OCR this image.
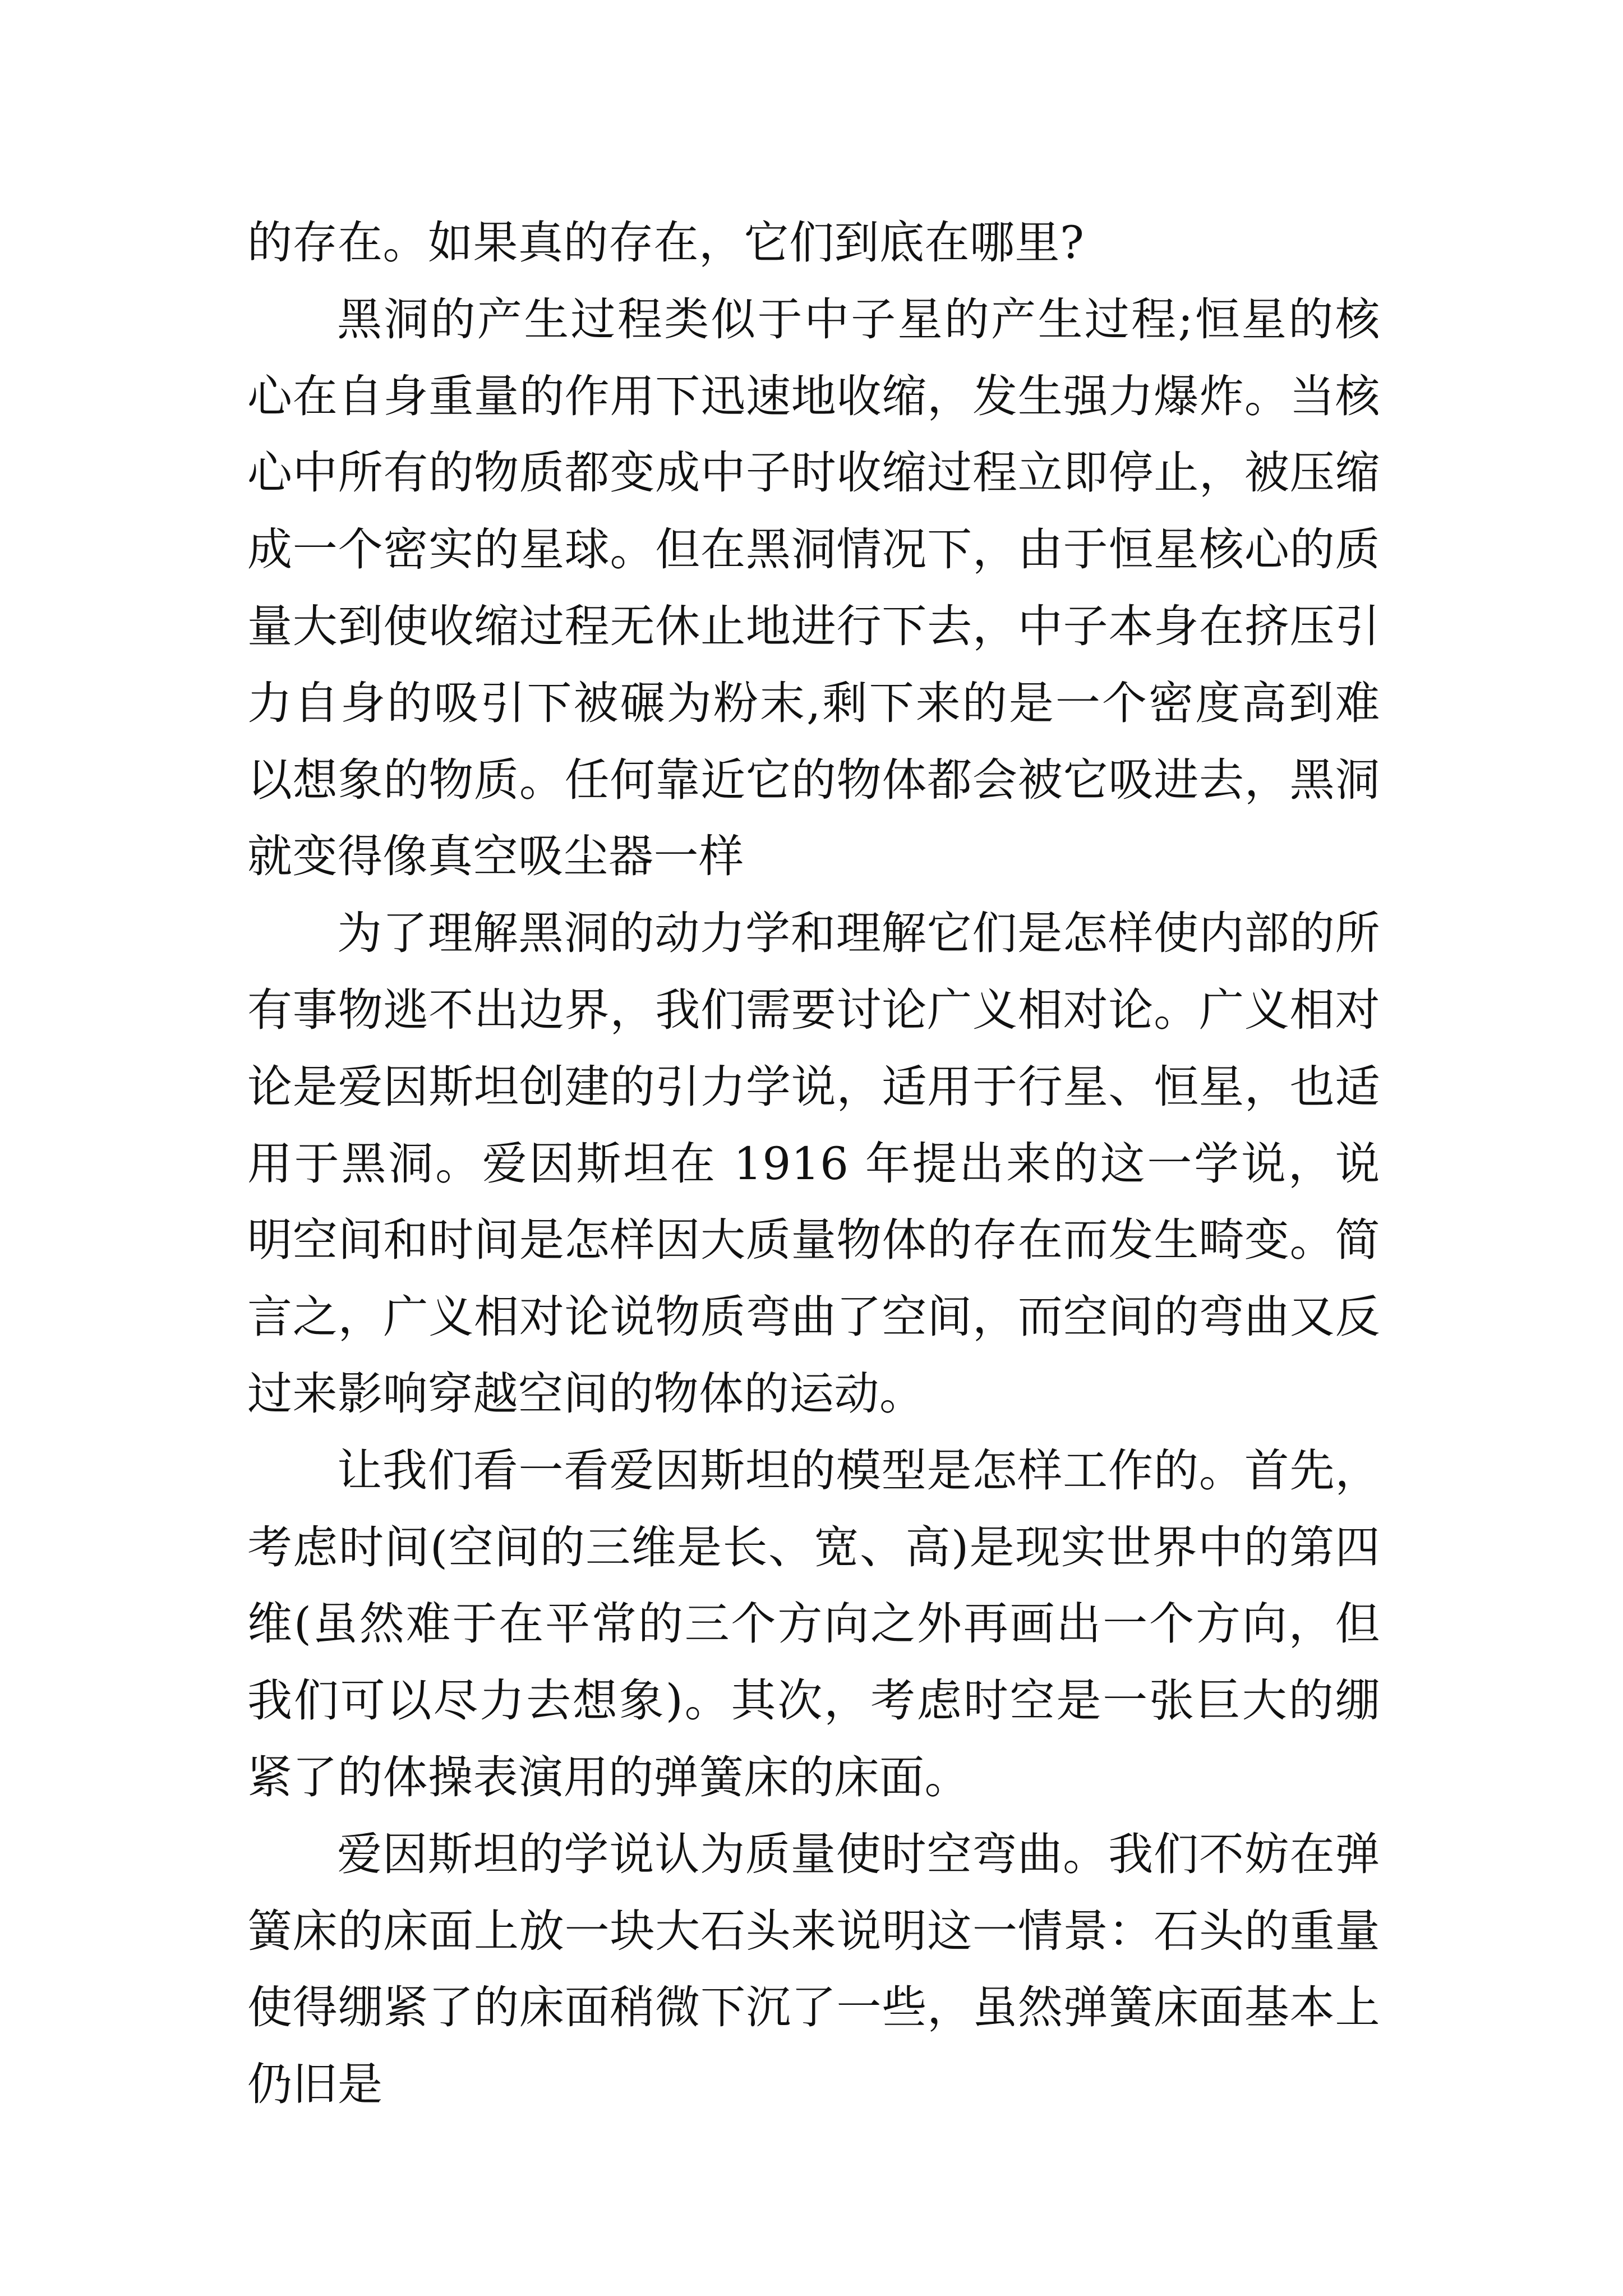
的存在。如果真的存在，它们到底在哪里?

黑洞的产生过程类似于中子星的产生过程;恒星的核心在自身重量的作用下迅速地收缩，发生强力爆炸。当核心中所有的物质都变成中子时收缩过程立即停止，被压缩成一个密实的星球。但在黑洞情况下，由于恒星核心的质量大到使收缩过程无休止地进行下去，中子本身在挤压引力自身的吸引下被碾为粉末,剩下来的是一个密度高到难以想象的物质。任何靠近它的物体都会被它吸进去，黑洞就变得像真空吸尘器一样

为了理解黑洞的动力学和理解它们是怎样使内部的所有事物逃不出边界，我们需要讨论广义相对论。广义相对论是爱因斯坦创建的引力学说，适用于行星、恒星，也适用于黑洞。爱因斯坦在 1916 年提出来的这一学说，说明空间和时间是怎样因大质量物体的存在而发生畸变。简言之，广义相对论说物质弯曲了空间，而空间的弯曲又反过来影响穿越空间的物体的运动。

让我们看一看爱因斯坦的模型是怎样工作的。首先，考虑时间(空间的三维是长、宽、高)是现实世界中的第四维(虽然难于在平常的三个方向之外再画出一个方向，但我们可以尽力去想象)。其次，考虑时空是一张巨大的绷紧了的体操表演用的弹簧床的床面。

爱因斯坦的学说认为质量使时空弯曲。我们不妨在弹簧床的床面上放一块大石头来说明这一情景：石头的重量使得绷紧了的床面稍微下沉了一些，虽然弹簧床面基本上仍旧是
